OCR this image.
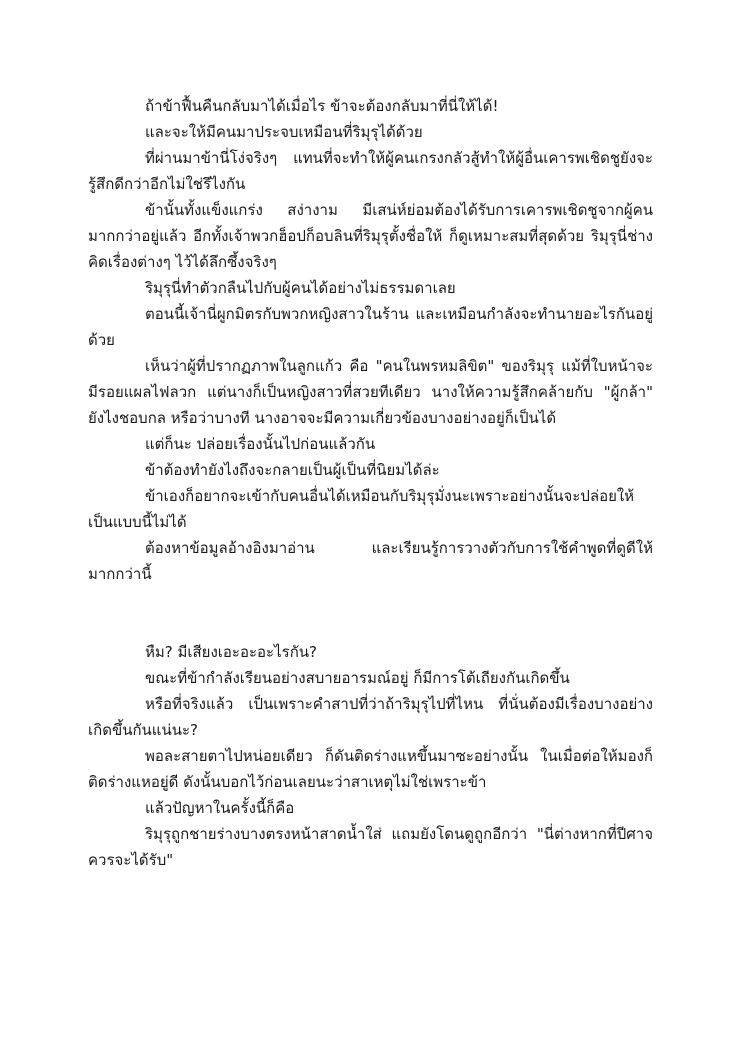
ถ้าข้าฟื้นคืนกลับมาได้เมื่อไร ข้าจะต้องกลับมาที่นี่ให้ได้!

และจะให้มีคนมาประจบเหมือนที่ริมุรุได้ด้วย

ที่ผ่านมาข้านี่โง่จริงๆ แทนที่จะทำให้ผู้คนเกรงกลัวสู้ทำให้ผู้อื่นเคารพเชิดชูยังจะรู้สึกดีกว่าอีกไม่ใช่รึไงกัน

ข้านั้นทั้งแข็งแกร่ง สง่างาม มีเสน่ห์ย่อมต้องได้รับการเคารพเชิดชูจากผู้คนมากกว่าอยู่แล้ว อีกทั้งเจ้าพวกฮ็อปก็อบลินที่ริมุรุตั้งชื่อให้ ก็ดูเหมาะสมที่สุดด้วย ริมุรุนี่ช่างคิดเรื่องต่างๆ ไว้ได้ลึกซึ้งจริงๆ

ริมุรุนี่ทำตัวกลืนไปกับผู้คนได้อย่างไม่ธรรมดาเลย

ตอนนี้เจ้านี่ผูกมิตรกับพวกหญิงสาวในร้าน และเหมือนกำลังจะทำนายอะไรกันอยู่ด้วย

เห็นว่าผู้ที่ปรากฏภาพในลูกแก้ว คือ "คนในพรหมลิขิต" ของริมุรุ แม้ที่ใบหน้าจะมีรอยแผลไฟลวก แต่นางก็เป็นหญิงสาวที่สวยทีเดียว นางให้ความรู้สึกคล้ายกับ "ผู้กล้า" ยังไงชอบกล หรือว่าบางที นางอาจจะมีความเกี่ยวข้องบางอย่างอยู่ก็เป็นได้

แต่ก็นะ ปล่อยเรื่องนั้นไปก่อนแล้วกัน

ข้าต้องทำยังไงถึงจะกลายเป็นผู้เป็นที่นิยมได้ล่ะ

ข้าเองก็อยากจะเข้ากับคนอื่นได้เหมือนกับริมุรุมั่งนะเพราะอย่างนั้นจะปล่อยให้เป็นแบบนี้ไม่ได้

ต้องหาข้อมูลอ้างอิงมาอ่าน และเรียนรู้การวางตัวกับการใช้คำพูดที่ดูดีให้มากกว่านี้

หืม? มีเสียงเอะอะอะไรกัน?

ขณะที่ข้ากำลังเรียนอย่างสบายอารมณ์อยู่ ก็มีการโต้เถียงกันเกิดขึ้น

หรือที่จริงแล้ว เป็นเพราะคำสาปที่ว่าถ้าริมุรุไปที่ไหน ที่นั่นต้องมีเรื่องบางอย่างเกิดขึ้นกันแน่นะ?

พอละสายตาไปหน่อยเดียว ก็ดันติดร่างแหขึ้นมาซะอย่างนั้น ในเมื่อต่อให้มองก็ติดร่างแหอยู่ดี ดังนั้นบอกไว้ก่อนเลยนะว่าสาเหตุไม่ใช่เพราะข้า

แล้วปัญหาในครั้งนี้ก็คือ

ริมุรุถูกชายร่างบางตรงหน้าสาดน้ำใส่ แถมยังโดนดูถูกอีกว่า "นี่ต่างหากที่ปีศาจควรจะได้รับ"
